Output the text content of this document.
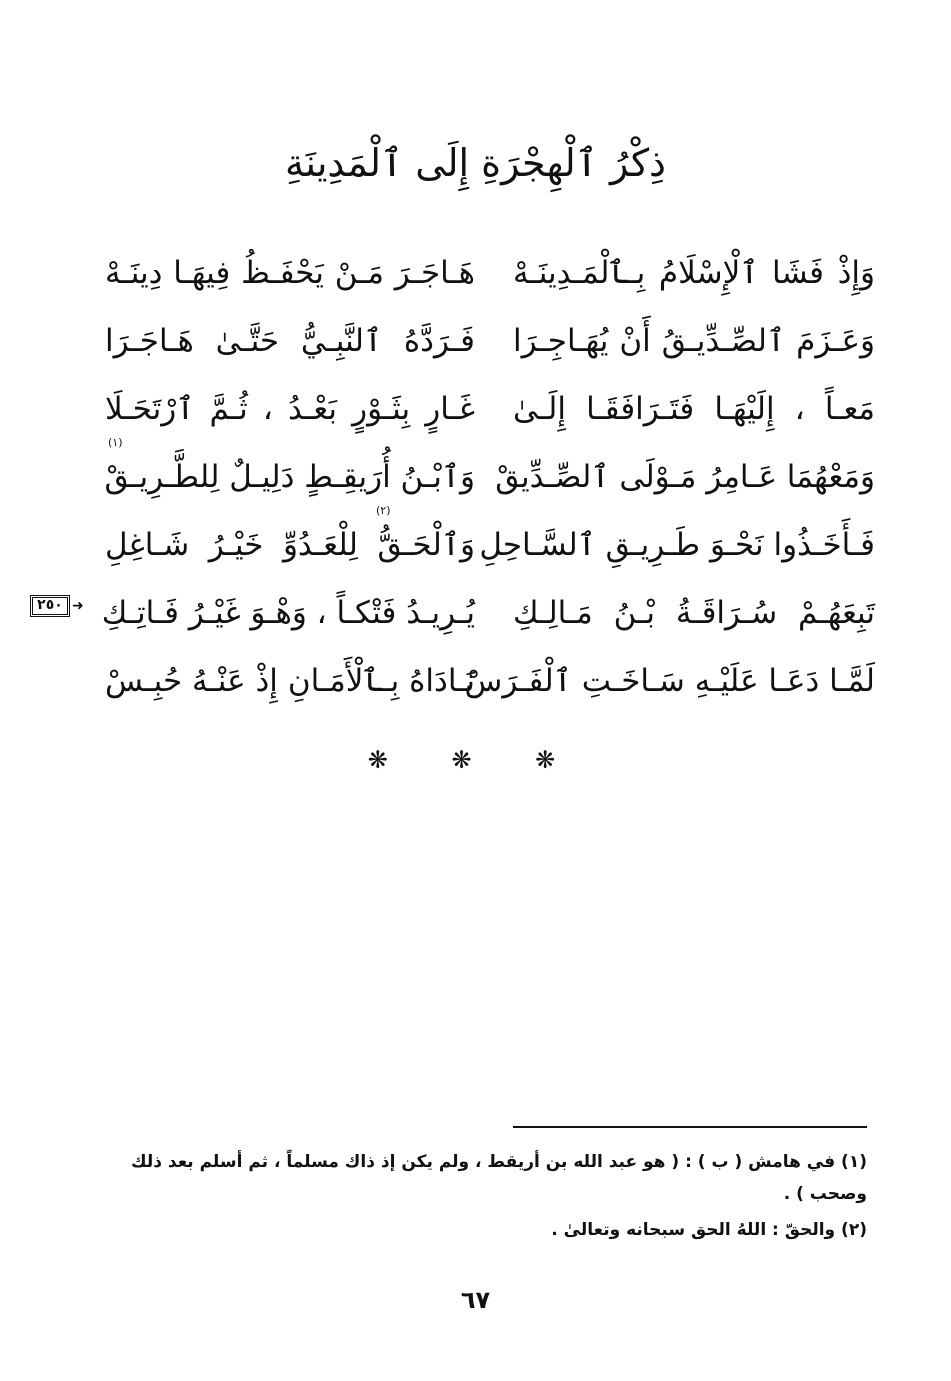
ذِكْرُ ٱلْهِجْرَةِ إِلَى ٱلْمَدِينَةِ
وَإِذْ فَشَا ٱلْإِسْلَامُ بِـٱلْمَـدِينَـهْ
هَـاجَـرَ مَـنْ يَحْفَـظُ فِيهَـا دِينَـهْ
وَعَـزَمَ ٱلصِّـدِّيـقُ أَنْ يُهَـاجِـرَا
فَـرَدَّهُ ٱلنَّبِـيُّ حَتَّـىٰ هَـاجَـرَا
مَعـاً ، إِلَيْهَـا فَتَـرَافَقَـا إِلَـىٰ
غَـارٍ بِثَـوْرٍ بَعْـدُ ، ثُـمَّ ٱرْتَحَـلَا
وَمَعْهُمَا عَـامِرُ مَـوْلَى ٱلصِّـدِّيقْ
وَٱبْـنُ أُرَيقِـطٍ دَلِيـلٌ لِلطَّـرِيـقْ
(١)
فَـأَخَـذُوا نَحْـوَ طَـرِيـقِ ٱلسَّـاحِلِ
وَٱلْحَـقُّ لِلْعَـدُوِّ خَيْـرُ شَـاغِلِ
(٢)
تَبِعَهُـمْ سُـرَاقَـةُ بْـنُ مَـالِـكِ
يُـرِيـدُ فَتْكـاً ، وَهْـوَ غَيْـرُ فَـاتِـكِ
٢٥٠ ➜
لَمَّـا دَعَـا عَلَيْـهِ سَـاخَـتِ ٱلْفَـرَسْ
نَـادَاهُ بِـٱلْأَمَـانِ إِذْ عَنْـهُ حُبِـسْ
❋ ❋ ❋

(١) في هامش ( ب ) : ( هو عبد الله بن أريقط ، ولم يكن إذ ذاك مسلماً ، ثم أسلم بعد ذلك وصحب ) .

(٢) والحقّ : اللهُ الحق سبحانه وتعالىٰ .

٦٧
